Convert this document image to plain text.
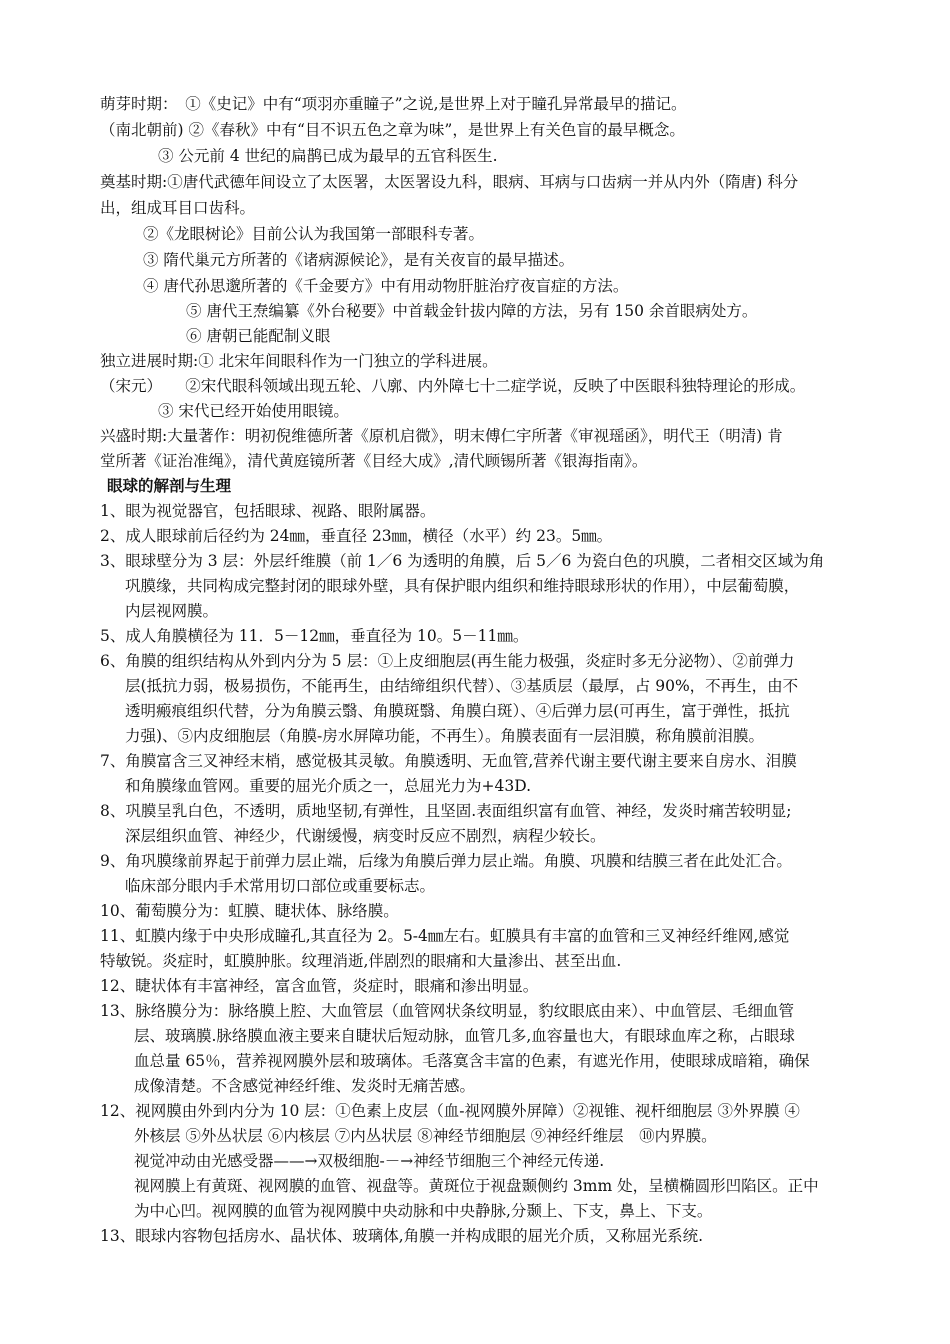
萌芽时期：　①《史记》中有“项羽亦重瞳子”之说,是世界上对于瞳孔异常最早的描记。
（南北朝前) ②《春秋》中有“目不识五色之章为味”，是世界上有关色盲的最早概念。
③ 公元前 4 世纪的扁鹊已成为最早的五官科医生.
奠基时期:①唐代武德年间设立了太医署，太医署设九科，眼病、耳病与口齿病一并从内外（隋唐) 科分
出，组成耳目口齿科。
②《龙眼树论》目前公认为我国第一部眼科专著。
③ 隋代巢元方所著的《诸病源候论》，是有关夜盲的最早描述。
④ 唐代孙思邈所著的《千金要方》中有用动物肝脏治疗夜盲症的方法。
⑤ 唐代王焘编纂《外台秘要》中首载金针拔内障的方法，另有 150 余首眼病处方。
⑥ 唐朝已能配制义眼
独立进展时期:① 北宋年间眼科作为一门独立的学科进展。
（宋元）　　②宋代眼科领域出现五轮、八廓、内外障七十二症学说，反映了中医眼科独特理论的形成。
③ 宋代已经开始使用眼镜。
兴盛时期:大量著作：明初倪维德所著《原机启微》，明末傅仁宇所著《审视瑶函》，明代王（明清) 肯
堂所著《证治准绳》，清代黄庭镜所著《目经大成》,清代顾锡所著《银海指南》。
眼球的解剖与生理
1、眼为视觉器官，包括眼球、视路、眼附属器。
2、成人眼球前后径约为 24㎜，垂直径 23㎜，横径（水平）约 23。5㎜。
3、眼球壁分为 3 层：外层纤维膜（前 1／6 为透明的角膜，后 5／6 为瓷白色的巩膜，二者相交区域为角
巩膜缘，共同构成完整封闭的眼球外壁，具有保护眼内组织和维持眼球形状的作用），中层葡萄膜，
内层视网膜。
5、成人角膜横径为 11．5－12㎜，垂直径为 10。5－11㎜。
6、角膜的组织结构从外到内分为 5 层：①上皮细胞层(再生能力极强，炎症时多无分泌物）、②前弹力
层(抵抗力弱，极易损伤，不能再生，由结缔组织代替）、③基质层（最厚，占 90%，不再生，由不
透明瘢痕组织代替，分为角膜云翳、角膜斑翳、角膜白斑）、④后弹力层(可再生，富于弹性，抵抗
力强)、⑤内皮细胞层（角膜-房水屏障功能，不再生）。角膜表面有一层泪膜，称角膜前泪膜。
7、角膜富含三叉神经末梢，感觉极其灵敏。角膜透明、无血管,营养代谢主要代谢主要来自房水、泪膜
和角膜缘血管网。重要的屈光介质之一，总屈光力为+43D.
8、巩膜呈乳白色，不透明，质地坚韧,有弹性，且坚固.表面组织富有血管、神经，发炎时痛苦较明显;
深层组织血管、神经少，代谢缓慢，病变时反应不剧烈，病程少较长。
9、角巩膜缘前界起于前弹力层止端，后缘为角膜后弹力层止端。角膜、巩膜和结膜三者在此处汇合。
临床部分眼内手术常用切口部位或重要标志。
10、葡萄膜分为：虹膜、睫状体、脉络膜。
11、虹膜内缘于中央形成瞳孔,其直径为 2。5-4㎜左右。虹膜具有丰富的血管和三叉神经纤维网,感觉
特敏锐。炎症时，虹膜肿胀。纹理消逝,伴剧烈的眼痛和大量渗出、甚至出血.
12、睫状体有丰富神经，富含血管，炎症时，眼痛和渗出明显。
13、脉络膜分为：脉络膜上腔、大血管层（血管网状条纹明显，豹纹眼底由来）、中血管层、毛细血管
层、玻璃膜.脉络膜血液主要来自睫状后短动脉，血管几多,血容量也大，有眼球血库之称，占眼球
血总量 65％，营养视网膜外层和玻璃体。毛落寞含丰富的色素，有遮光作用，使眼球成暗箱，确保
成像清楚。不含感觉神经纤维、发炎时无痛苦感。
12、视网膜由外到内分为 10 层：①色素上皮层（血-视网膜外屏障）②视锥、视杆细胞层 ③外界膜 ④
外核层 ⑤外丛状层 ⑥内核层 ⑦内丛状层 ⑧神经节细胞层 ⑨神经纤维层　⑩内界膜。
视觉冲动由光感受器——→双极细胞-－→神经节细胞三个神经元传递.
视网膜上有黄斑、视网膜的血管、视盘等。黄斑位于视盘颞侧约 3mm 处，呈横椭圆形凹陷区。正中
为中心凹。视网膜的血管为视网膜中央动脉和中央静脉,分颞上、下支，鼻上、下支。
13、眼球内容物包括房水、晶状体、玻璃体,角膜一并构成眼的屈光介质，又称屈光系统.
